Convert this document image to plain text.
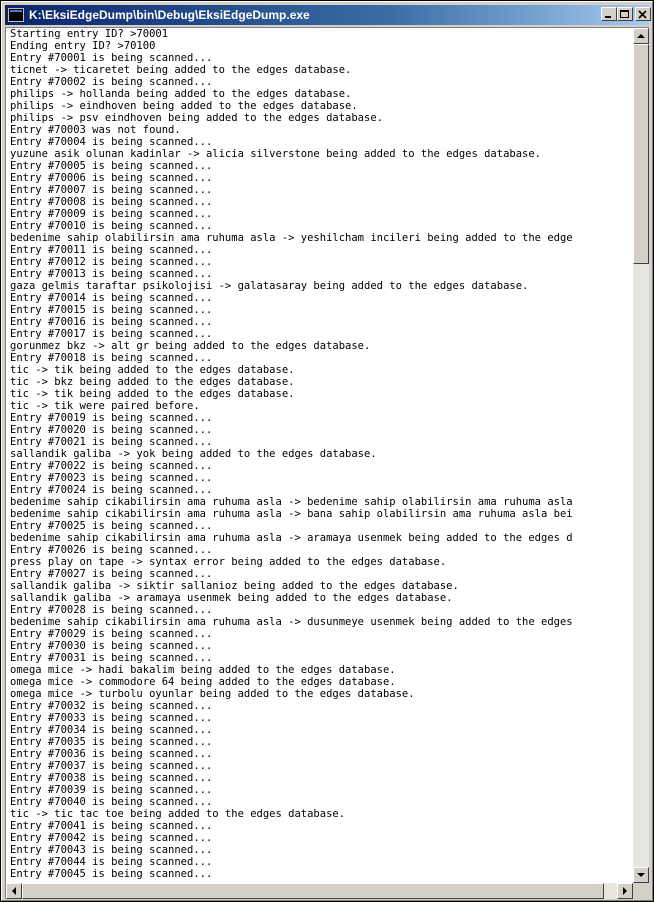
K:\EksiEdgeDump\bin\Debug\EksiEdgeDump.exe
Starting entry ID? >70001
Ending entry ID? >70100
Entry #70001 is being scanned...
ticnet -> ticaretet being added to the edges database.
Entry #70002 is being scanned...
philips -> hollanda being added to the edges database.
philips -> eindhoven being added to the edges database.
philips -> psv eindhoven being added to the edges database.
Entry #70003 was not found.
Entry #70004 is being scanned...
yuzune asik olunan kadinlar -> alicia silverstone being added to the edges database.
Entry #70005 is being scanned...
Entry #70006 is being scanned...
Entry #70007 is being scanned...
Entry #70008 is being scanned...
Entry #70009 is being scanned...
Entry #70010 is being scanned...
bedenime sahip olabilirsin ama ruhuma asla -> yeshilcham incileri being added to the edge
Entry #70011 is being scanned...
Entry #70012 is being scanned...
Entry #70013 is being scanned...
gaza gelmis taraftar psikolojisi -> galatasaray being added to the edges database.
Entry #70014 is being scanned...
Entry #70015 is being scanned...
Entry #70016 is being scanned...
Entry #70017 is being scanned...
gorunmez bkz -> alt gr being added to the edges database.
Entry #70018 is being scanned...
tic -> tik being added to the edges database.
tic -> bkz being added to the edges database.
tic -> tik being added to the edges database.
tic -> tik were paired before.
Entry #70019 is being scanned...
Entry #70020 is being scanned...
Entry #70021 is being scanned...
sallandik galiba -> yok being added to the edges database.
Entry #70022 is being scanned...
Entry #70023 is being scanned...
Entry #70024 is being scanned...
bedenime sahip cikabilirsin ama ruhuma asla -> bedenime sahip olabilirsin ama ruhuma asla
bedenime sahip cikabilirsin ama ruhuma asla -> bana sahip olabilirsin ama ruhuma asla bei
Entry #70025 is being scanned...
bedenime sahip cikabilirsin ama ruhuma asla -> aramaya usenmek being added to the edges d
Entry #70026 is being scanned...
press play on tape -> syntax error being added to the edges database.
Entry #70027 is being scanned...
sallandik galiba -> siktir sallanioz being added to the edges database.
sallandik galiba -> aramaya usenmek being added to the edges database.
Entry #70028 is being scanned...
bedenime sahip cikabilirsin ama ruhuma asla -> dusunmeye usenmek being added to the edges
Entry #70029 is being scanned...
Entry #70030 is being scanned...
Entry #70031 is being scanned...
omega mice -> hadi bakalim being added to the edges database.
omega mice -> commodore 64 being added to the edges database.
omega mice -> turbolu oyunlar being added to the edges database.
Entry #70032 is being scanned...
Entry #70033 is being scanned...
Entry #70034 is being scanned...
Entry #70035 is being scanned...
Entry #70036 is being scanned...
Entry #70037 is being scanned...
Entry #70038 is being scanned...
Entry #70039 is being scanned...
Entry #70040 is being scanned...
tic -> tic tac toe being added to the edges database.
Entry #70041 is being scanned...
Entry #70042 is being scanned...
Entry #70043 is being scanned...
Entry #70044 is being scanned...
Entry #70045 is being scanned...
